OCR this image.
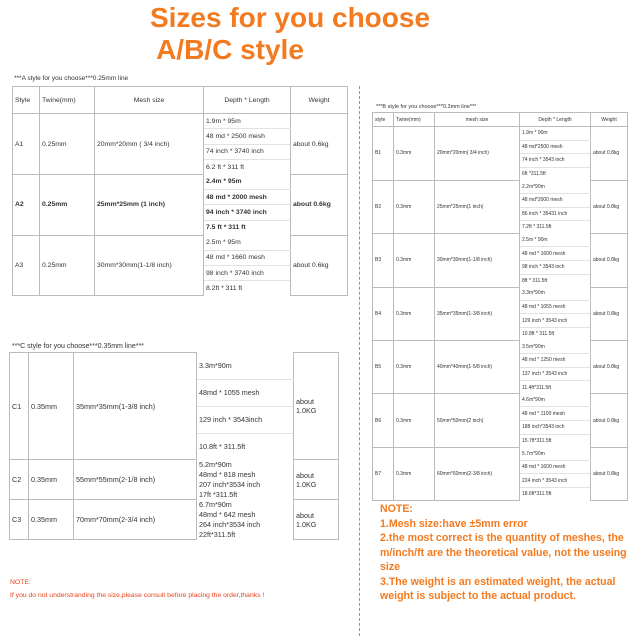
Sizes for you choose
A/B/C style
***A style for you choose***0.25mm line
Style	Twine(mm)	Mesh size	Depth * Length	Weight
A1	0.25mm	20mm*20mm ( 3/4 inch)	1.9m * 95m	about 0.6kg
			48 md * 2500 mesh	
			74 inch * 3740 inch	
			6.2 ft * 311 ft	
A2	0.25mm	25mm*25mm (1 inch)	2.4m * 95m	about 0.6kg
			48 md * 2000 mesh	
			94 inch * 3740 inch	
			7.5 ft * 311 ft	
A3	0.25mm	30mm*30mm(1-1/8 inch)	2.5m * 95m	about 0.6kg
			48 md * 1660 mesh	
			98 inch * 3740 inch	
			8.2ft * 311 ft	
***B style for you choose***0.3mm line***
style	Twine(mm)	mesh size	Depth * Length	Weight
B1	0.3mm	20mm*20mm( 3/4 inch)	1.9m * 90m	about 0.8kg
			48 md*2500 mesh	
			74 inch * 3543 inch	
			6ft *311.5ft	
B2	0.3mm	25mm*25mm(1 inch)	2.2m*90m	about 0.8kg
			48 md*2000 mesh	
			86 inch * 35431 inch	
			7.2ft * 311.5ft	
B3	0.3mm	30mm*30mm(1-1/8 inch)	2.5m * 90m	about 0.8kg
			48 md * 1600 mesh	
			98 inch * 3543 inch	
			8ft * 311.5ft	
B4	0.3mm	35mm*35mm(1-3/8 inch)	3.3m*90m	about 0.8kg
			48 md * 1055 mesh	
			129 inch * 3543 inch	
			10.8ft * 311.5ft	
B5	0.3mm	40mm*40mm(1-5/8 inch)	3.5m*90m	about 0.8kg
			48 md * 1250 mesh	
			137 inch * 3543 inch	
			11.4ft*311.5ft	
B6	0.3mm	50mm*50mm(2 inch)	4.6m*90m	about 0.8kg
			48 md * 1100 mesh	
			188 inch*3543 inch	
			15.7ft*311.5ft	
B7	0.3mm	60mm*60mm(2-3/8 inch)	5.7m*90m	about 0.8kg
			48 md * 1600 mesh	
			224 inch * 3543 inch	
			18.6ft*311.5ft	
***C style for you choose***0.35mm line***
C1	0.35mm	35mm*35mm(1-3/8 inch)	3.3m*90m	about 1.0KG
			48md * 1055 mesh	
			129 inch * 3543inch	
			10.8ft * 311.5ft	
C2	0.35mm	55mm*55mm(2-1/8 inch)	5.2m*90m	about 1.0KG
			48md * 818 mesh	
			207 inch*3534 inch	
			17ft *311.5ft	
C3	0.35mm	70mm*70mm(2-3/4 inch)	6.7m*90m	about 1.0KG
			48md * 642 mesh	
			264 inch*3534 inch	
			22ft*311.5ft	
NOTE:
If you do not understranding the size,please consult before placing the order,thanks !
NOTE:
1.Mesh size:have ±5mm error
2.the most correct is the quantity of meshes, the m/inch/ft are the theoretical value, not the useing size
3.The weight is an estimated weight, the actual weight is subject to the actual product.
